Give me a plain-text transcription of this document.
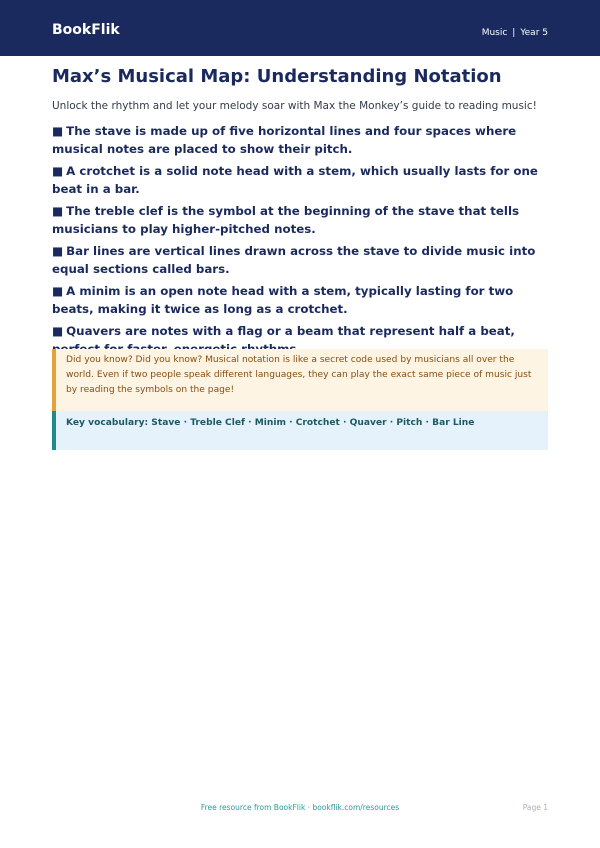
BookFlik	Music | Year 5
Max’s Musical Map: Understanding Notation

Unlock the rhythm and let your melody soar with Max the Monkey’s guide to reading music!

■ The stave is made up of five horizontal lines and four spaces where musical notes are placed to show their pitch.
■ A crotchet is a solid note head with a stem, which usually lasts for one beat in a bar.
■ The treble clef is the symbol at the beginning of the stave that tells musicians to play higher-pitched notes.
■ Bar lines are vertical lines drawn across the stave to divide music into equal sections called bars.
■ A minim is an open note head with a stem, typically lasting for two beats, making it twice as long as a crotchet.
■ Quavers are notes with a flag or a beam that represent half a beat,
Did you know? Did you know? Musical notation is like a secret code used by musicians all over the world. Even if two people speak different languages, they can play the exact same piece of music just by reading the symbols on the page!
Key vocabulary: Stave · Treble Clef · Minim · Crotchet · Quaver · Pitch · Bar Line
Free resource from BookFlik · bookflik.com/resources	Page 1
